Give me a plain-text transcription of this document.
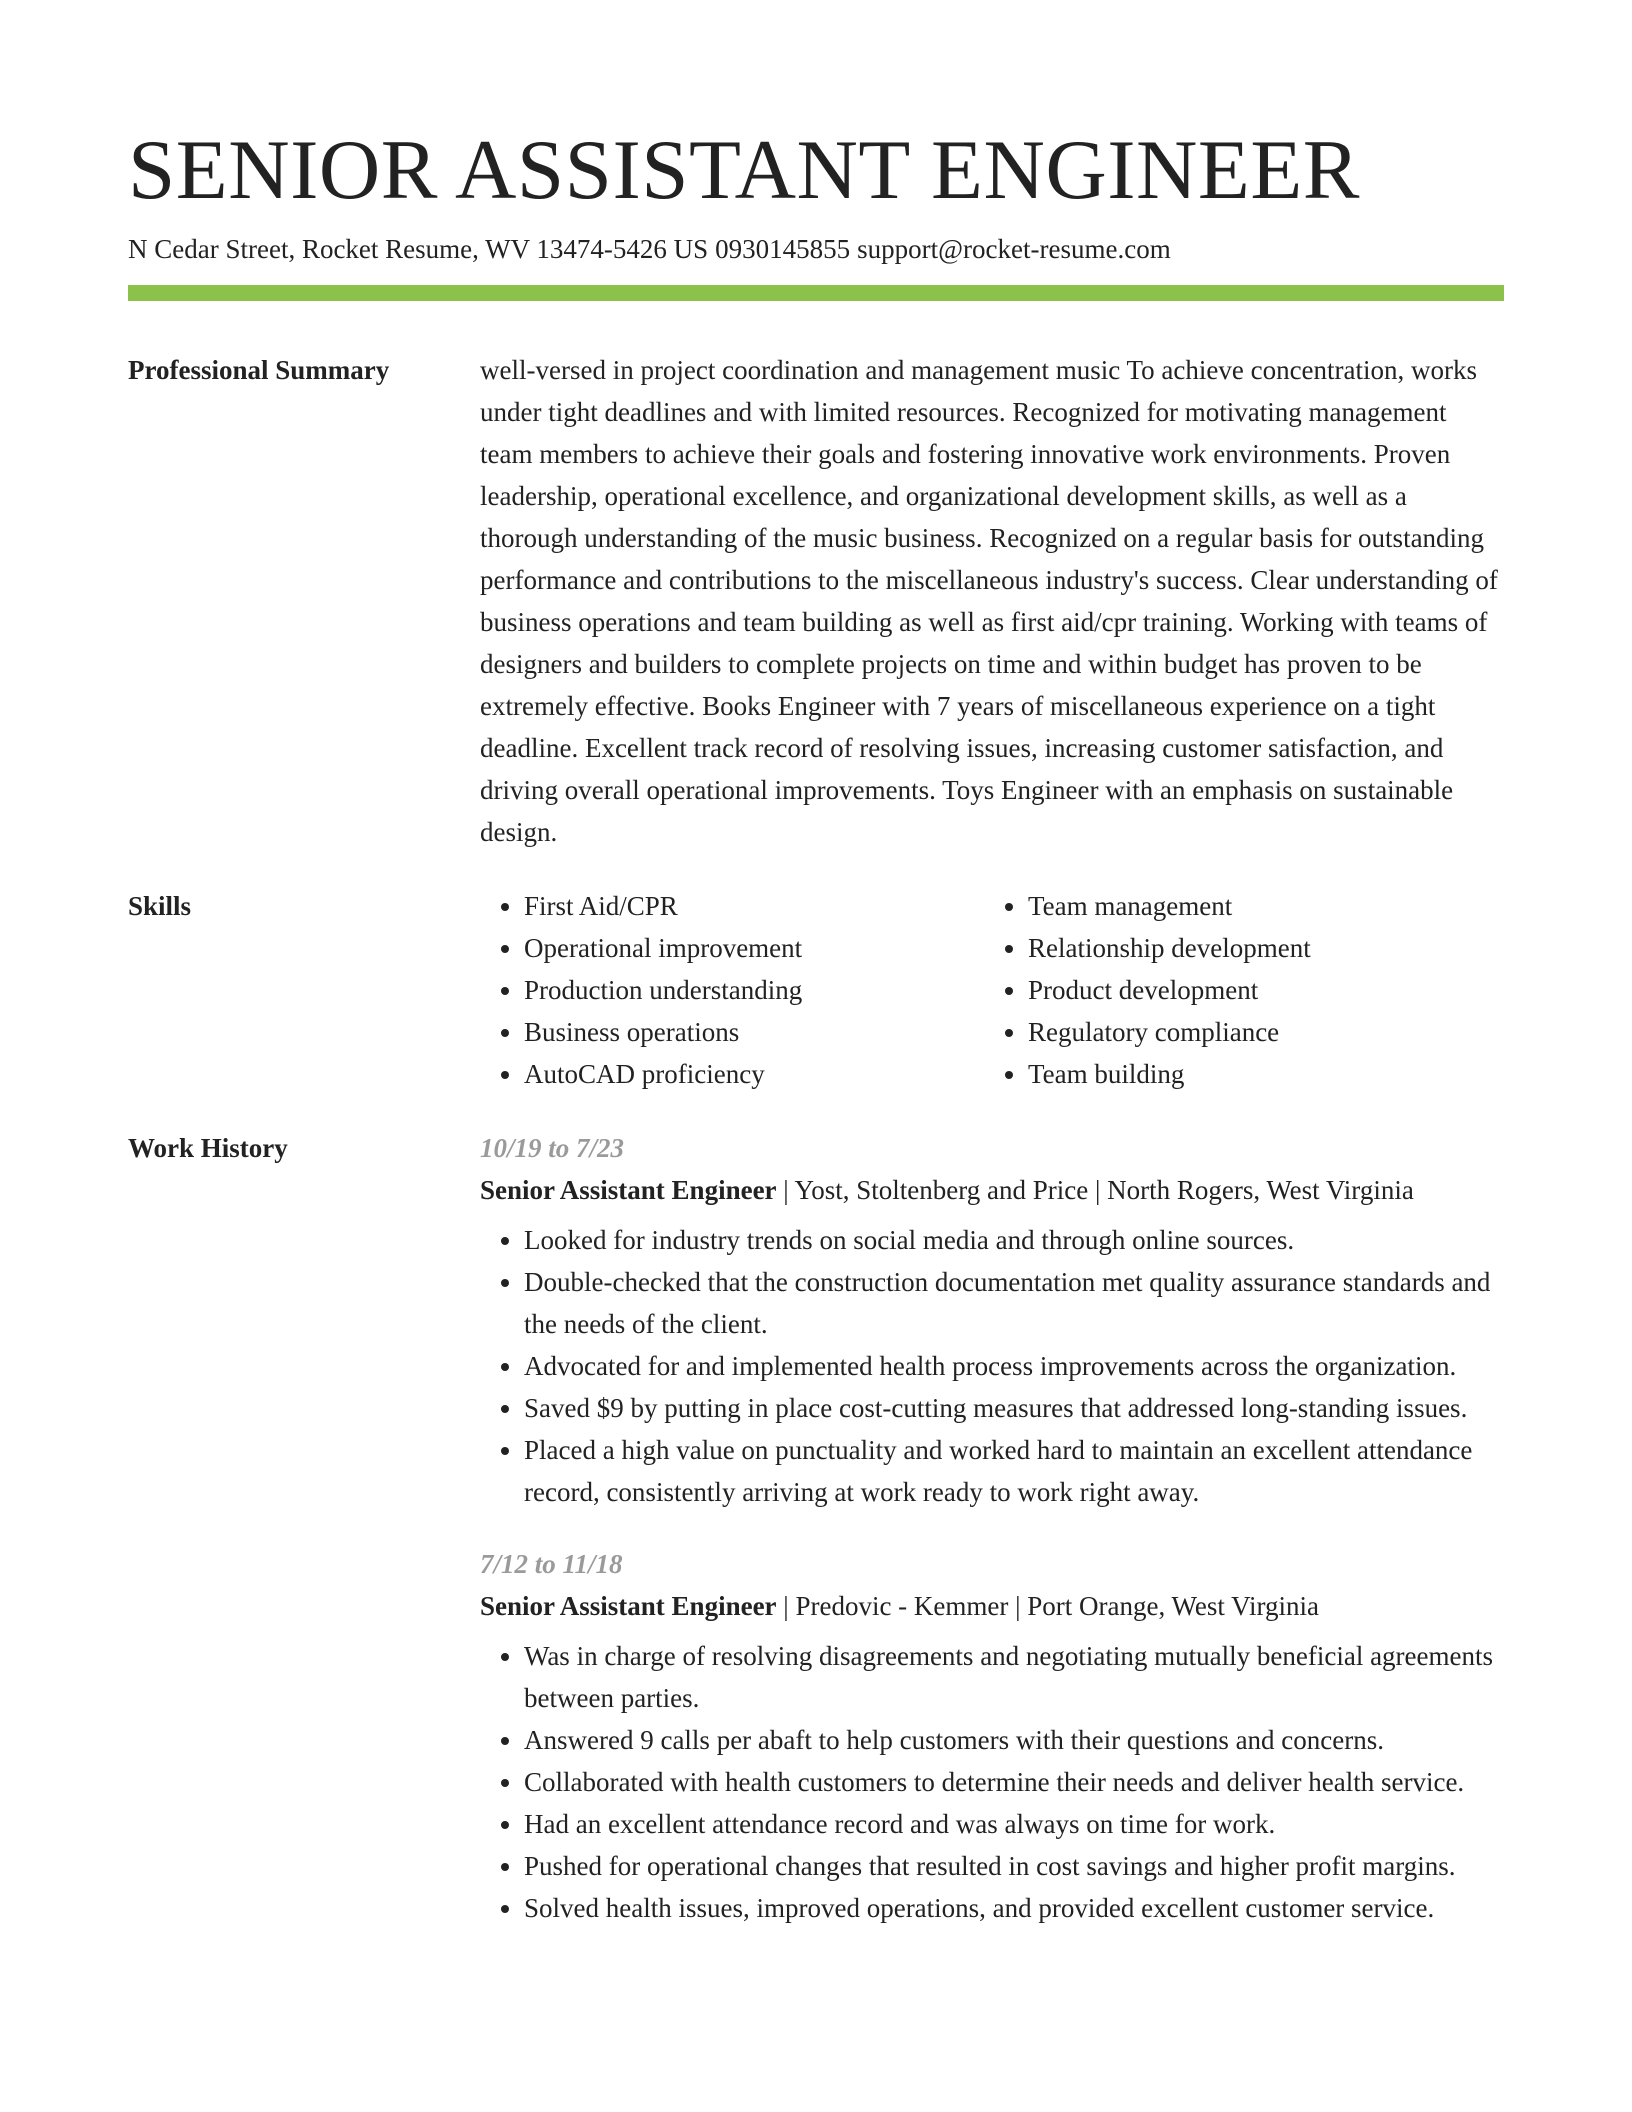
SENIOR ASSISTANT ENGINEER
N Cedar Street, Rocket Resume, WV 13474-5426 US 0930145855 support@rocket-resume.com
Professional Summary	well-versed in project coordination and management music To achieve concentration, works under tight deadlines and with limited resources. Recognized for motivating management team members to achieve their goals and fostering innovative work environments. Proven leadership, operational excellence, and organizational development skills, as well as a thorough understanding of the music business. Recognized on a regular basis for outstanding performance and contributions to the miscellaneous industry's success. Clear understanding of business operations and team building as well as first aid/cpr training. Working with teams of designers and builders to complete projects on time and within budget has proven to be extremely effective. Books Engineer with 7 years of miscellaneous experience on a tight deadline. Excellent track record of resolving issues, increasing customer satisfaction, and driving overall operational improvements. Toys Engineer with an emphasis on sustainable design.

Skills
•	First Aid/CPR
• Operational improvement
• Production understanding
• Business operations
• AutoCAD proficiency
• Team management
• Relationship development
• Product development
• Regulatory compliance
• Team building
Work History	10/19 to 7/23
Senior Assistant Engineer | Yost, Stoltenberg and Price | North Rogers, West Virginia
• Looked for industry trends on social media and through online sources.
• Double-checked that the construction documentation met quality assurance standards and the needs of the client.
• Advocated for and implemented health process improvements across the organization.
• Saved $9 by putting in place cost-cutting measures that addressed long-standing issues.
• Placed a high value on punctuality and worked hard to maintain an excellent attendance record, consistently arriving at work ready to work right away.
7/12 to 11/18
Senior Assistant Engineer | Predovic - Kemmer | Port Orange, West Virginia
• Was in charge of resolving disagreements and negotiating mutually beneficial agreements between parties.
• Answered 9 calls per abaft to help customers with their questions and concerns.
• Collaborated with health customers to determine their needs and deliver health service.
• Had an excellent attendance record and was always on time for work.
• Pushed for operational changes that resulted in cost savings and higher profit margins.
• Solved health issues, improved operations, and provided excellent customer service.
